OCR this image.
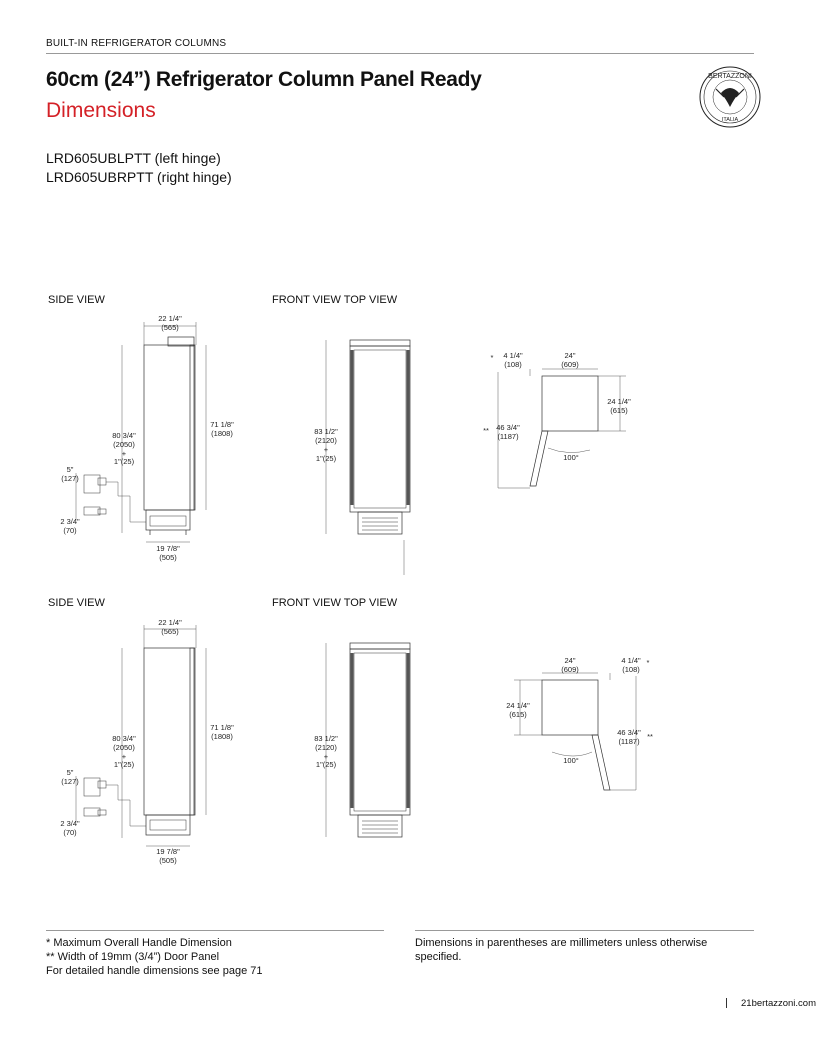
BUILT-IN REFRIGERATOR COLUMNS
60cm (24”) Refrigerator Column Panel Ready
Dimensions
LRD605UBLPTT (left hinge)
LRD605UBRPTT (right hinge)
BERTAZZONI
ITALIA
SIDE VIEW	FRONT VIEW TOP VIEW
SIDE VIEW	FRONT VIEW TOP VIEW
22 1/4"
(565)
80 3/4"
(2050)
+
1"(25)
71 1/8"
(1808)
5"
(127)
2 3/4"
(70)
19 7/8"
(505)
83 1/2"
(2120)
+
1"(25)
* 4 1/4"
(108)
24"
(609)
24 1/4"
(615)
** 46 3/4"
(1187)
100°
22 1/4"
(565)
80 3/4"
(2050)
+
1"(25)
71 1/8"
(1808)
5"
(127)
2 3/4"
(70)
19 7/8"
(505)
83 1/2"
(2120)
+
1"(25)
24"
(609)
4 1/4"
(108)
*
24 1/4"
(615)
46 3/4"
(1187)
**
100°
* Maximum Overall Handle Dimension
** Width of 19mm (3/4”) Door Panel
For detailed handle dimensions see page 71
Dimensions in parentheses are millimeters unless otherwise specified.
21bertazzoni.com
